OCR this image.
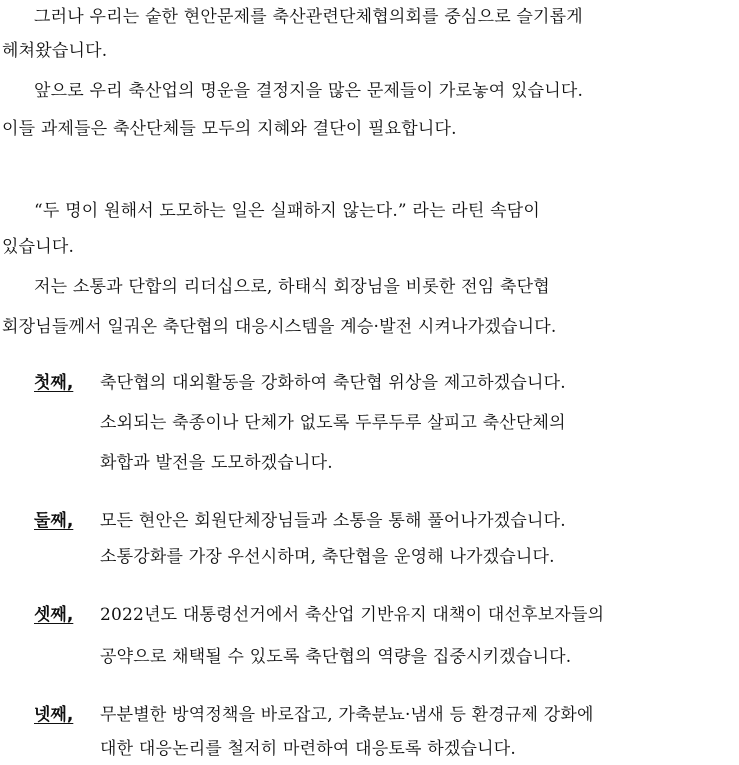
그러나 우리는 숱한 현안문제를 축산관련단체협의회를 중심으로 슬기롭게
헤쳐왔습니다.
앞으로 우리 축산업의 명운을 결정지을 많은 문제들이 가로놓여 있습니다.
이들 과제들은 축산단체들 모두의 지혜와 결단이 필요합니다.
“두 명이 원해서 도모하는 일은 실패하지 않는다.” 라는 라틴 속담이
있습니다.
저는 소통과 단합의 리더십으로, 하태식 회장님을 비롯한 전임 축단협
회장님들께서 일궈온 축단협의 대응시스템을 계승·발전 시켜나가겠습니다.
첫째, 축단협의 대외활동을 강화하여 축단협 위상을 제고하겠습니다.
소외되는 축종이나 단체가 없도록 두루두루 살피고 축산단체의
화합과 발전을 도모하겠습니다.
둘째, 모든 현안은 회원단체장님들과 소통을 통해 풀어나가겠습니다.
소통강화를 가장 우선시하며, 축단협을 운영해 나가겠습니다.
셋째, 2022년도 대통령선거에서 축산업 기반유지 대책이 대선후보자들의
공약으로 채택될 수 있도록 축단협의 역량을 집중시키겠습니다.
넷째, 무분별한 방역정책을 바로잡고, 가축분뇨·냄새 등 환경규제 강화에
대한 대응논리를 철저히 마련하여 대응토록 하겠습니다.
